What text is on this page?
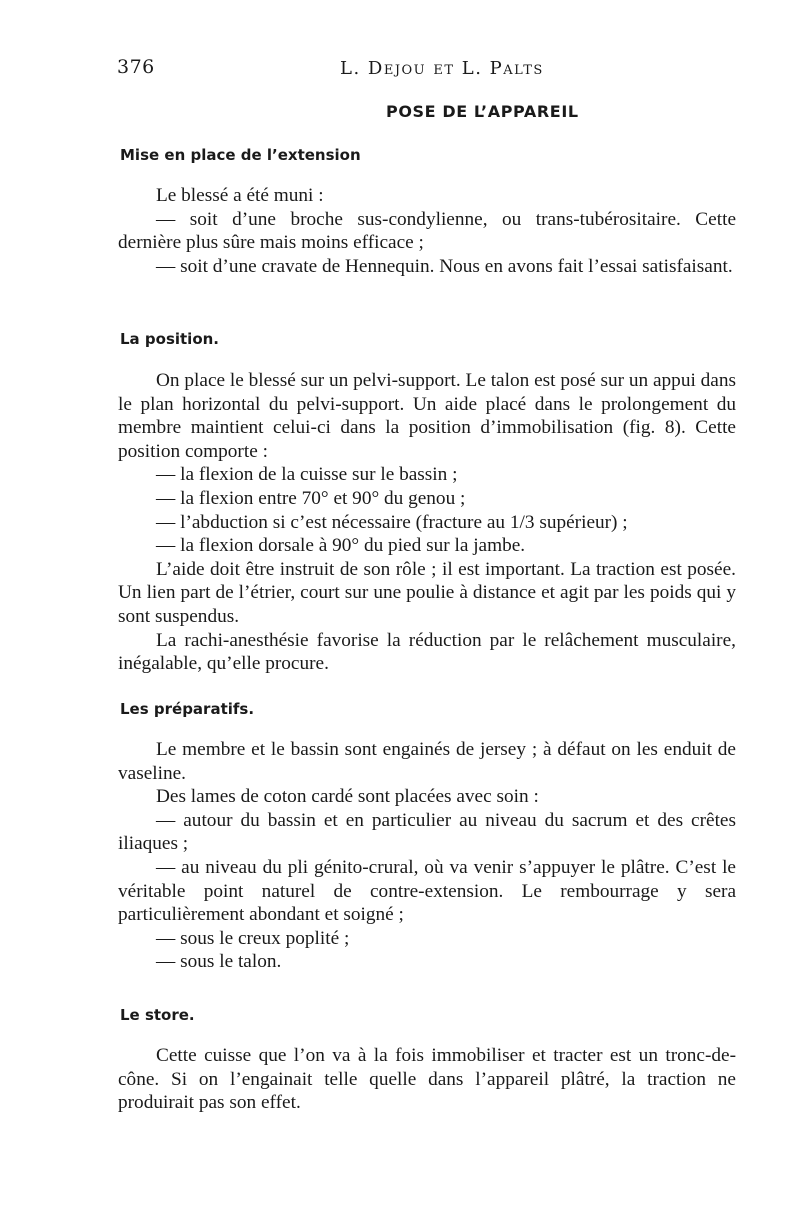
376	L. Dejou et L. Palts
POSE DE L’APPAREIL
Mise en place de l’extension

Le blessé a été muni :

— soit d’une broche sus-condylienne, ou trans-tubérositaire. Cette dernière plus sûre mais moins efficace ;

— soit d’une cravate de Hennequin. Nous en avons fait l’essai satisfaisant.

La position.

On place le blessé sur un pelvi-support. Le talon est posé sur un appui dans le plan horizontal du pelvi-support. Un aide placé dans le prolongement du membre maintient celui-ci dans la position d’immobilisation (fig. 8). Cette position comporte :

— la flexion de la cuisse sur le bassin ;

— la flexion entre 70° et 90° du genou ;

— l’abduction si c’est nécessaire (fracture au 1/3 supérieur) ;

— la flexion dorsale à 90° du pied sur la jambe.

L’aide doit être instruit de son rôle ; il est important. La traction est posée. Un lien part de l’étrier, court sur une poulie à distance et agit par les poids qui y sont suspendus.

La rachi-anesthésie favorise la réduction par le relâchement musculaire, inégalable, qu’elle procure.

Les préparatifs.

Le membre et le bassin sont engainés de jersey ; à défaut on les enduit de vaseline.

Des lames de coton cardé sont placées avec soin :

— autour du bassin et en particulier au niveau du sacrum et des crêtes iliaques ;

— au niveau du pli génito-crural, où va venir s’appuyer le plâtre. C’est le véritable point naturel de contre-extension. Le rembourrage y sera particulièrement abondant et soigné ;

— sous le creux poplité ;

— sous le talon.

Le store.

Cette cuisse que l’on va à la fois immobiliser et tracter est un tronc-de-cône. Si on l’engainait telle quelle dans l’appareil plâtré, la traction ne produirait pas son effet.
